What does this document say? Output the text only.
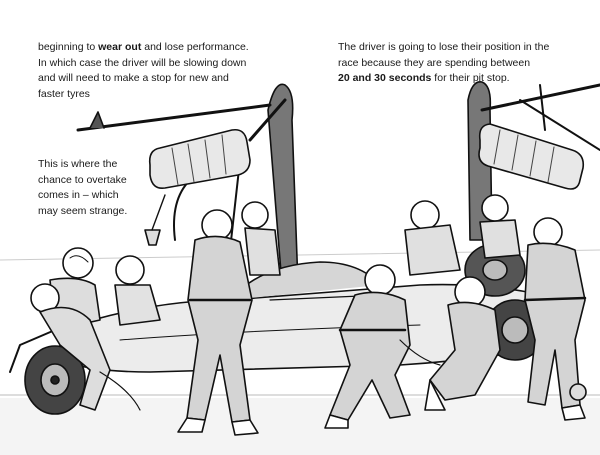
beginning to wear out and lose performance.
In which case the driver will be slowing down
and will need to make a stop for new and
faster tyres
The driver is going to lose their position in the
race because they are spending between
20 and 30 seconds for their pit stop.
This is where the
chance to overtake
comes in – which
may seem strange.
